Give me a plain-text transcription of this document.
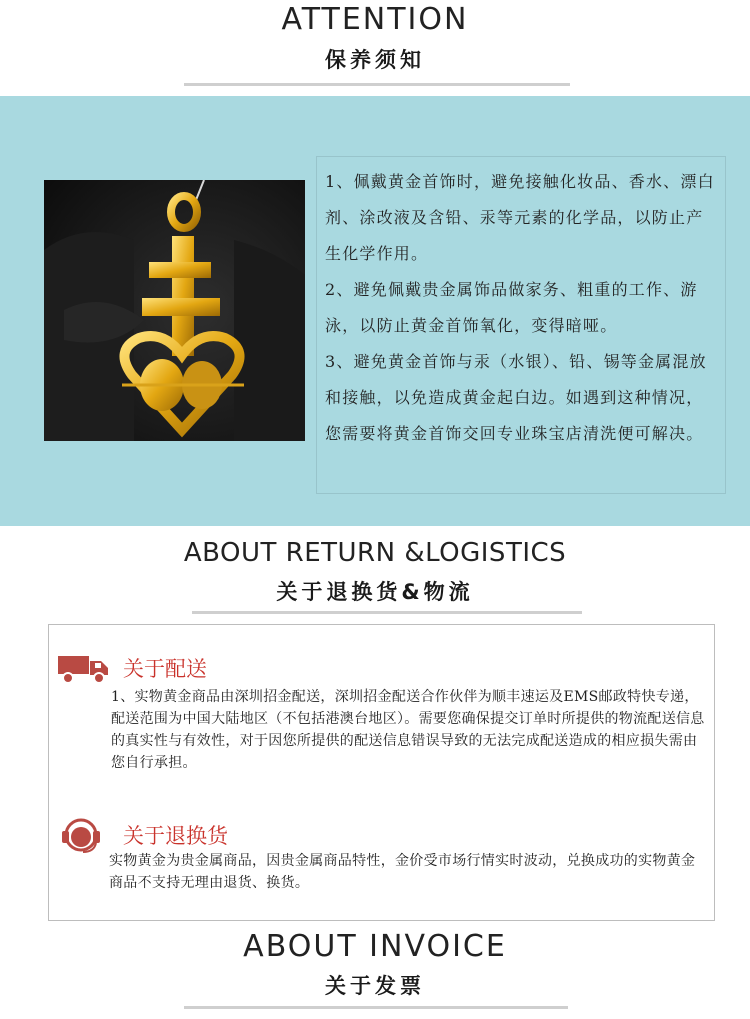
ATTENTION
保养须知

1、佩戴黄金首饰时，避免接触化妆品、香水、漂白剂、涂改液及含铅、汞等元素的化学品，以防止产生化学作用。

2、避免佩戴贵金属饰品做家务、粗重的工作、游泳，以防止黄金首饰氧化，变得暗哑。

3、避免黄金首饰与汞（水银）、铅、锡等金属混放和接触，以免造成黄金起白边。如遇到这种情况，您需要将黄金首饰交回专业珠宝店清洗便可解决。

ABOUT RETURN &LOGISTICS
关于退换货&物流
关于配送
1、实物黄金商品由深圳招金配送，深圳招金配送合作伙伴为顺丰速运及EMS邮政特快专递，配送范围为中国大陆地区（不包括港澳台地区）。需要您确保提交订单时所提供的物流配送信息的真实性与有效性，对于因您所提供的配送信息错误导致的无法完成配送造成的相应损失需由您自行承担。
关于退换货
实物黄金为贵金属商品，因贵金属商品特性，金价受市场行情实时波动，兑换成功的实物黄金商品不支持无理由退货、换货。
ABOUT INVOICE
关于发票
